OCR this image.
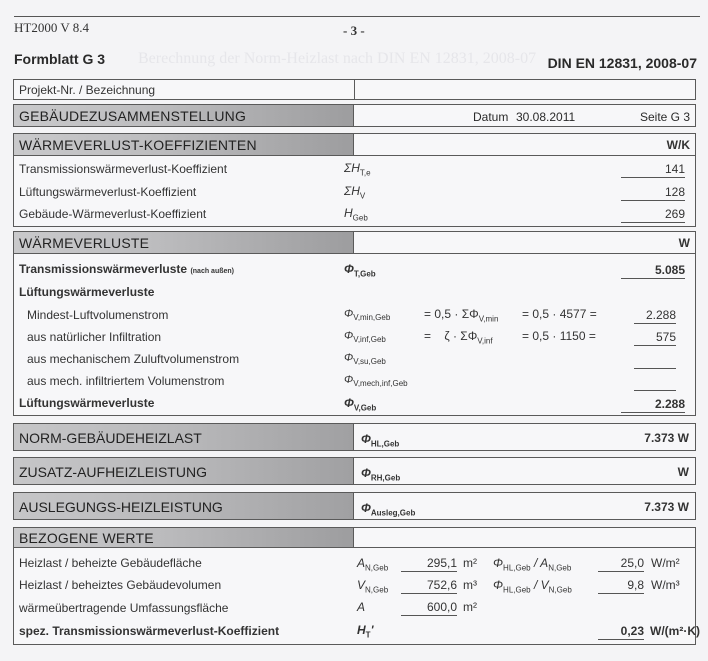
HT2000 V 8.4	- 3 -
Berechnung der Norm-Heizlast nach DIN EN 12831, 2008-07
Formblatt G 3	DIN EN 12831, 2008-07
Projekt-Nr. / Bezeichnung
GEBÄUDEZUSAMMENSTELLUNG	Datum 30.08.2011	Seite G 3
WÄRMEVERLUST-KOEFFIZIENTEN	W/K
Transmissionswärmeverlust-Koeffizient	$\Sigma H_{T,e}$	141
Lüftungswärmeverlust-Koeffizient	$\Sigma H_V$	128
Gebäude-Wärmeverlust-Koeffizient	$H_{Geb}$	269
WÄRMEVERLUSTE	W
Transmissionswärmeverluste (nach außen)	$\Phi_{T,Geb}$	5.085
Lüftungswärmeverluste
Mindest-Luftvolumenstrom	$\Phi_{V,min,Geb}$	= $0,5 \cdot \Sigma\Phi_{V,min} = 0,5 \cdot 4577$ =	2.288
aus natürlicher Infiltration	$\Phi_{V,inf,Geb}$	=    $\zeta \cdot \Sigma\Phi_{V,inf} = 0,5 \cdot 1150$ =	575
aus mechanischem Zuluftvolumenstrom	$\Phi_{V,su,Geb}$
aus mech. infiltriertem Volumenstrom	$\Phi_{V,mech,inf,Geb}$
Lüftungswärmeverluste	$\Phi_{V,Geb}$	2.288
NORM-GEBÄUDEHEIZLAST	$\Phi_{HL,Geb}$	7.373 W
ZUSATZ-AUFHEIZLEISTUNG	$\Phi_{RH,Geb}$	W
AUSLEGUNGS-HEIZLEISTUNG	$\Phi_{Ausleg,Geb}$	7.373 W
BEZOGENE WERTE
Heizlast / beheizte Gebäudefläche	$A_{N,Geb}$	295,1 m² $\Phi_{HL,Geb} / A_{N,Geb}$	25,0 W/m²
Heizlast / beheiztes Gebäudevolumen	$V_{N,Geb}$	752,6 m³ $\Phi_{HL,Geb} / V_{N,Geb}$	9,8 W/m³
wärmeübertragende Umfassungsfläche	A	600,0 m²
spez. Transmissionswärmeverlust-Koeffizient	$H_T'$	0,23 W/(m²·K)
